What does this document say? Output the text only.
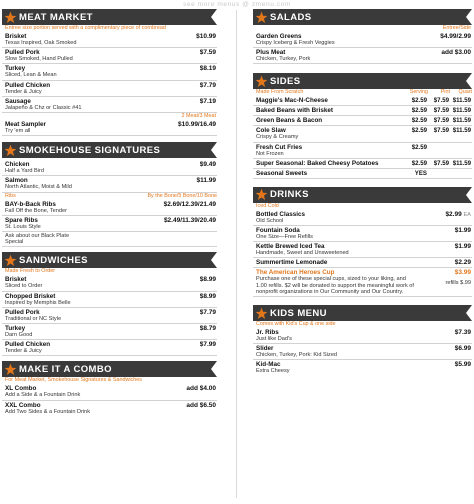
see more menus @ zmenu.com
MEAT MARKET
Entree size portion served with a complimentary piece of cornbread
Brisket
Texas Inspired, Oak Smoked
$10.99
Pulled Pork
Slow Smoked, Hand Pulled
$7.59
Turkey
Sliced, Lean & Mean
$8.19
Pulled Chicken
Tender & Juicy
$7.79
Sausage
Jalapeño & Chz or Classic #41
$7.19
2 Meat/3 Meat
Meat Sampler
Try 'em all
$10.99/16.49
SMOKEHOUSE SIGNATURES
Chicken
Half a Yard Bird
$9.49
Salmon
North Atlantic, Moist & Mild
$11.99
Ribs	By the Bone/5 Bone/10 Bone
BAY-b-Back Ribs
Fall Off the Bone, Tender
$2.69/12.39/21.49
Spare Ribs
St. Louis Style
$2.49/11.39/20.49
Ask about our Black Plate Special
SANDWICHES
Made Fresh to Order
Brisket
Sliced to Order
$8.99
Chopped Brisket
Inspired by Memphis Belle
$8.99
Pulled Pork
Traditional or NC Style
$7.79
Turkey
Darn Good
$8.79
Pulled Chicken
Tender & Juicy
$7.99
MAKE IT A COMBO
For Meat Market, Smokehouse Signatures & Sandwiches
XL Combo
Add a Side & a Fountain Drink
add $4.00
XXL Combo
Add Two Sides & a Fountain Drink
add $6.50
SALADS
Entree/Side
Garden Greens
Crispy Iceberg & Fresh Veggies
$4.99/2.99
Plus Meat
Chicken, Turkey, Pork
add $3.00
SIDES
Made From Scratch	Serving	Pint	Quart
Maggie's Mac-N-Cheese	$2.59	$7.59 $11.59
Baked Beans with Brisket	$2.59	$7.59 $11.59
Green Beans & Bacon	$2.59	$7.59 $11.59
Cole Slaw
Crispy & Creamy
$2.59	$7.59 $11.59
Fresh Cut Fries
Not Frozen
$2.59
Super Seasonal: Baked Cheesy Potatoes	$2.59	$7.59 $11.59
Seasonal Sweets	YES
DRINKS
Iced Cold
Bottled Classics
Old School
$2.99 EA
Fountain Soda
One Size—Free Refills
$1.99
Kettle Brewed Iced Tea
Handmade, Sweet and Unsweetened
$1.99
Summertime Lemonade	$2.29
The American Heroes Cup
Purchase one of these special cups, sized to your liking, and 1.00 refills. $2 will be donated to support the meaningful work of nonprofit organizations in Our Community and Our Country.
$3.99
refills $.99
KIDS MENU
Comes with Kid's Cup & one side
Jr. Ribs
Just like Dad's
$7.39
Slider
Chicken, Turkey, Pork: Kid Sized
$6.99
Kid-Mac
Extra Cheesy
$5.99
